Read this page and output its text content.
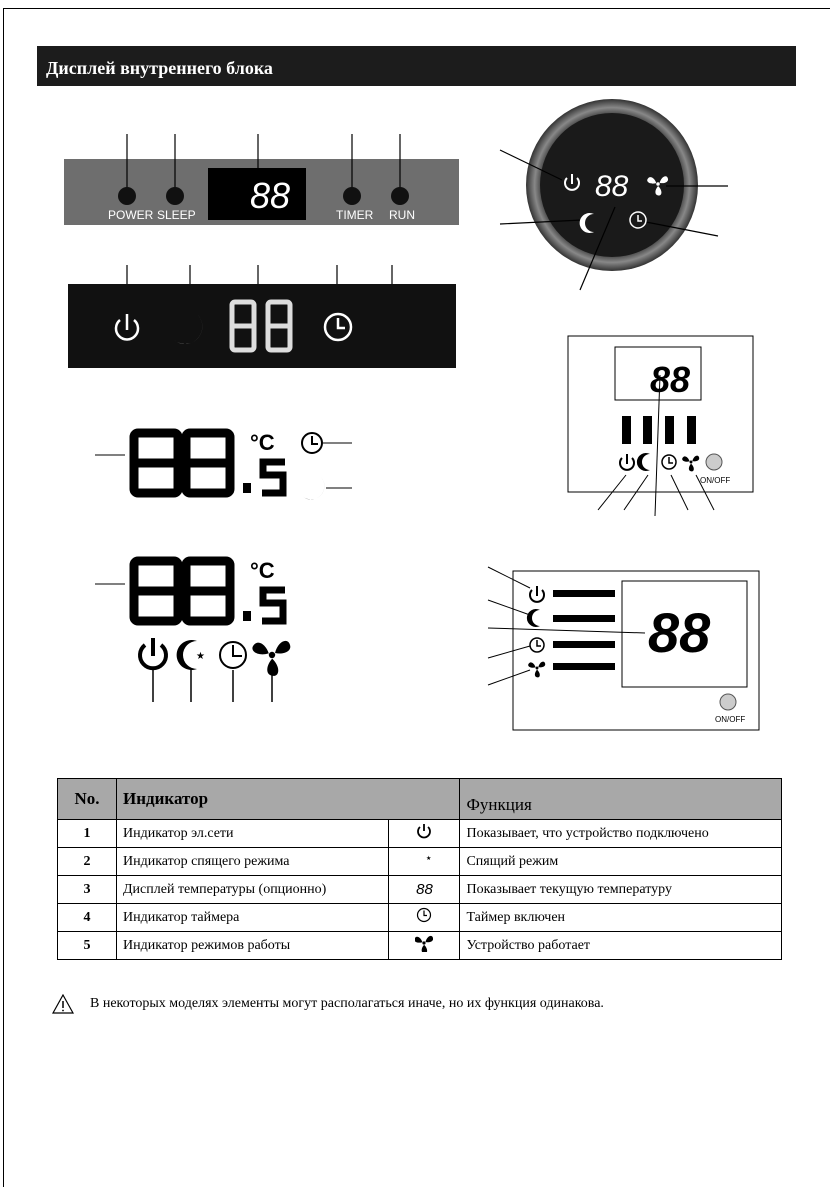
Дисплей внутреннего блока
POWER SLEEP	TIMER RUN
88
°C
°C
★
88
88
ON/OFF
88
ON/OFF
No.	Индикатор		Функция
1	Индикатор эл.сети		Показывает, что устройство подключено
2	Индикатор спящего режима	★	Спящий режим
3	Дисплей температуры (опционно)	88	Показывает текущую температуру
4	Индикатор таймера		Таймер включен
5	Индикатор режимов работы		Устройство работает
В некоторых моделях элементы могут располагаться иначе, но их функция одинакова.
